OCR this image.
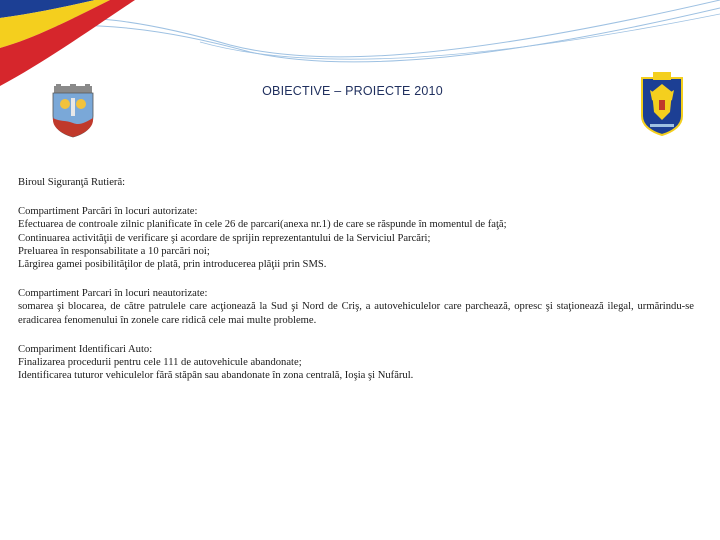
OBIECTIVE – PROIECTE 2010

Biroul Siguranţă Rutieră:

Compartiment Parcări în locuri autorizate:

Efectuarea de controale zilnic planificate în cele 26 de parcari(anexa nr.1) de care se răspunde în momentul de faţă;

Continuarea activităţii de verificare şi acordare de sprijin reprezentantului de la Serviciul Parcări;

Preluarea în responsabilitate a 10 parcări noi;

Lărgirea gamei posibilităţilor de plată, prin introducerea plăţii prin SMS.

Compartiment Parcari în locuri neautorizate:

somarea şi blocarea, de către patrulele care acţionează la Sud şi Nord de Criş, a autovehiculelor care parchează, opresc şi staţionează ilegal, urmărindu-se eradicarea fenomenului în zonele care ridică cele mai multe probleme.

Compariment Identificari Auto:

Finalizarea procedurii pentru cele 111 de autovehicule abandonate;

Identificarea tuturor vehiculelor fără stăpân sau abandonate în zona centrală, Ioşia şi Nufărul.
